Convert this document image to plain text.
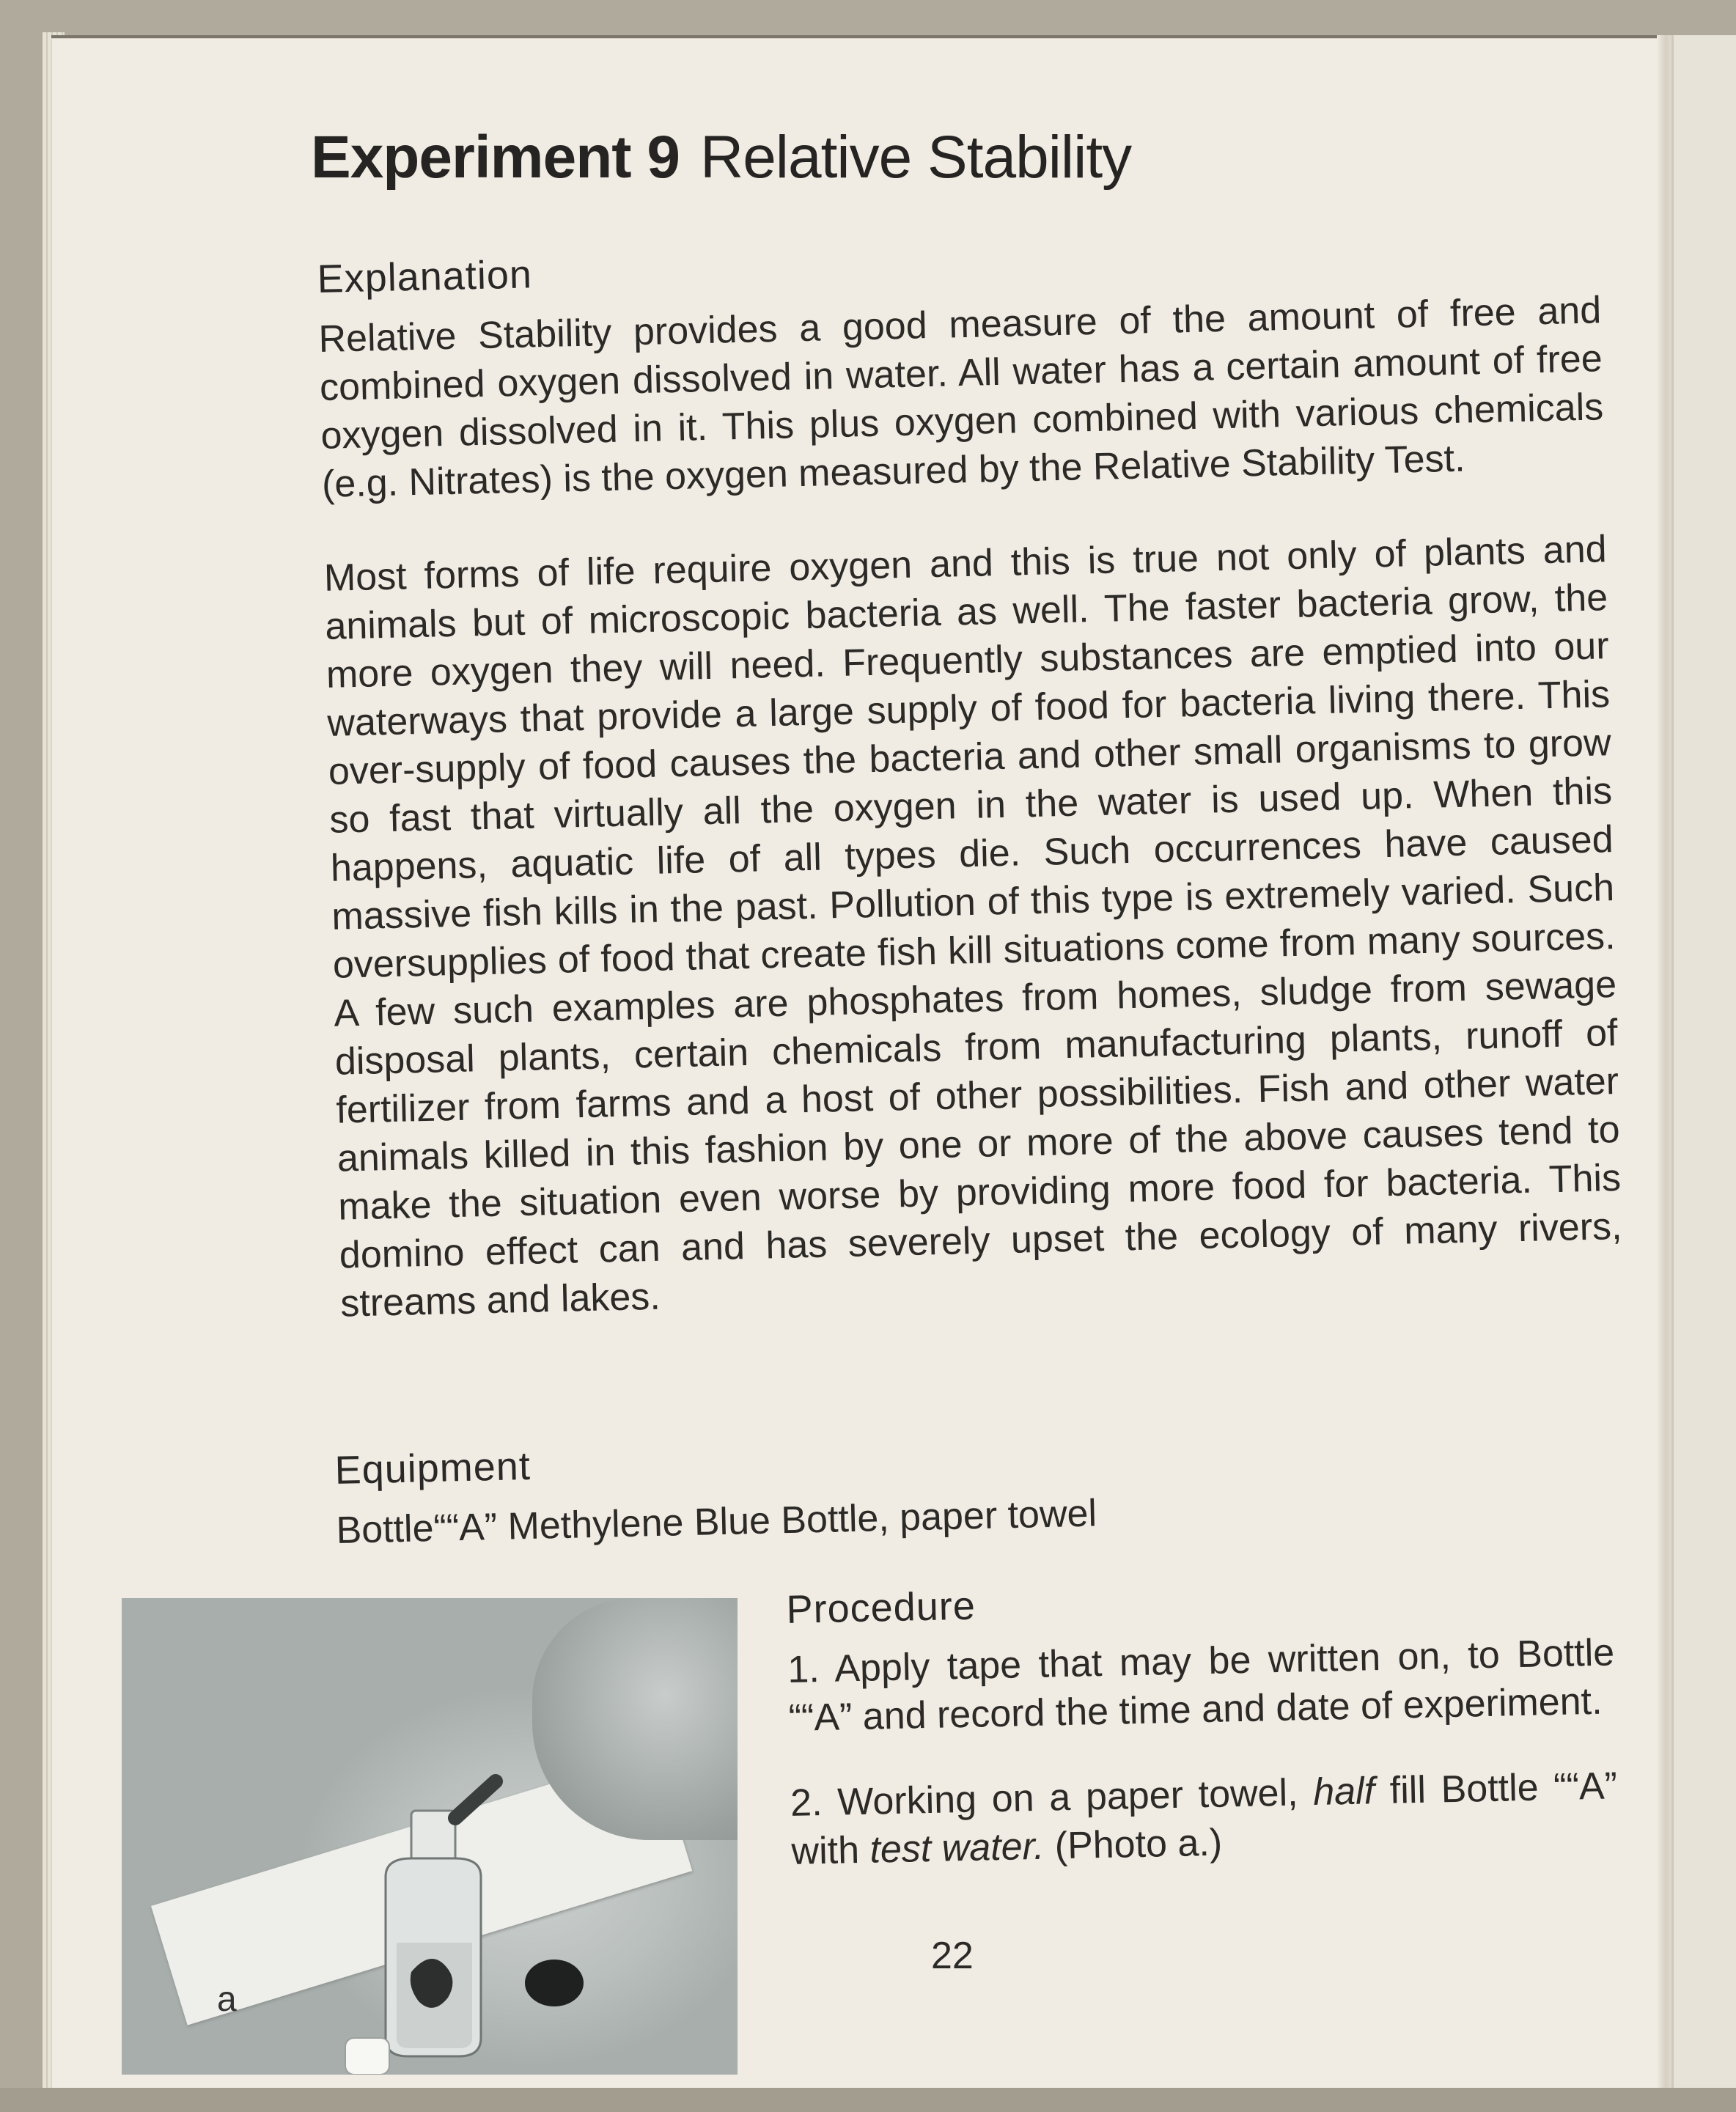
Experiment 9 Relative Stability
Explanation

Relative Stability provides a good measure of the amount of free and combined oxygen dissolved in water. All water has a certain amount of free oxygen dissolved in it. This plus oxygen combined with various chemicals (e.g. Nitrates) is the oxygen measured by the Relative Stability Test.

Most forms of life require oxygen and this is true not only of plants and animals but of microscopic bacteria as well. The faster bacteria grow, the more oxygen they will need. Frequently substances are emptied into our waterways that provide a large supply of food for bacteria living there. This over-supply of food causes the bacteria and other small organisms to grow so fast that virtually all the oxygen in the water is used up. When this happens, aquatic life of all types die. Such occurrences have caused massive fish kills in the past. Pollution of this type is extremely varied. Such oversupplies of food that create fish kill situations come from many sources. A few such examples are phosphates from homes, sludge from sewage disposal plants, certain chemicals from manufacturing plants, runoff of fertilizer from farms and a host of other possibilities. Fish and other water animals killed in this fashion by one or more of the above causes tend to make the situation even worse by providing more food for bacteria. This domino effect can and has severely upset the ecology of many rivers, streams and lakes.

Equipment

Bottle““A” Methylene Blue Bottle, paper towel

a
Procedure

1. Apply tape that may be written on, to Bottle ““A” and record the time and date of experiment.

2. Working on a paper towel, half fill Bottle ““A” with test water. (Photo a.)

22
